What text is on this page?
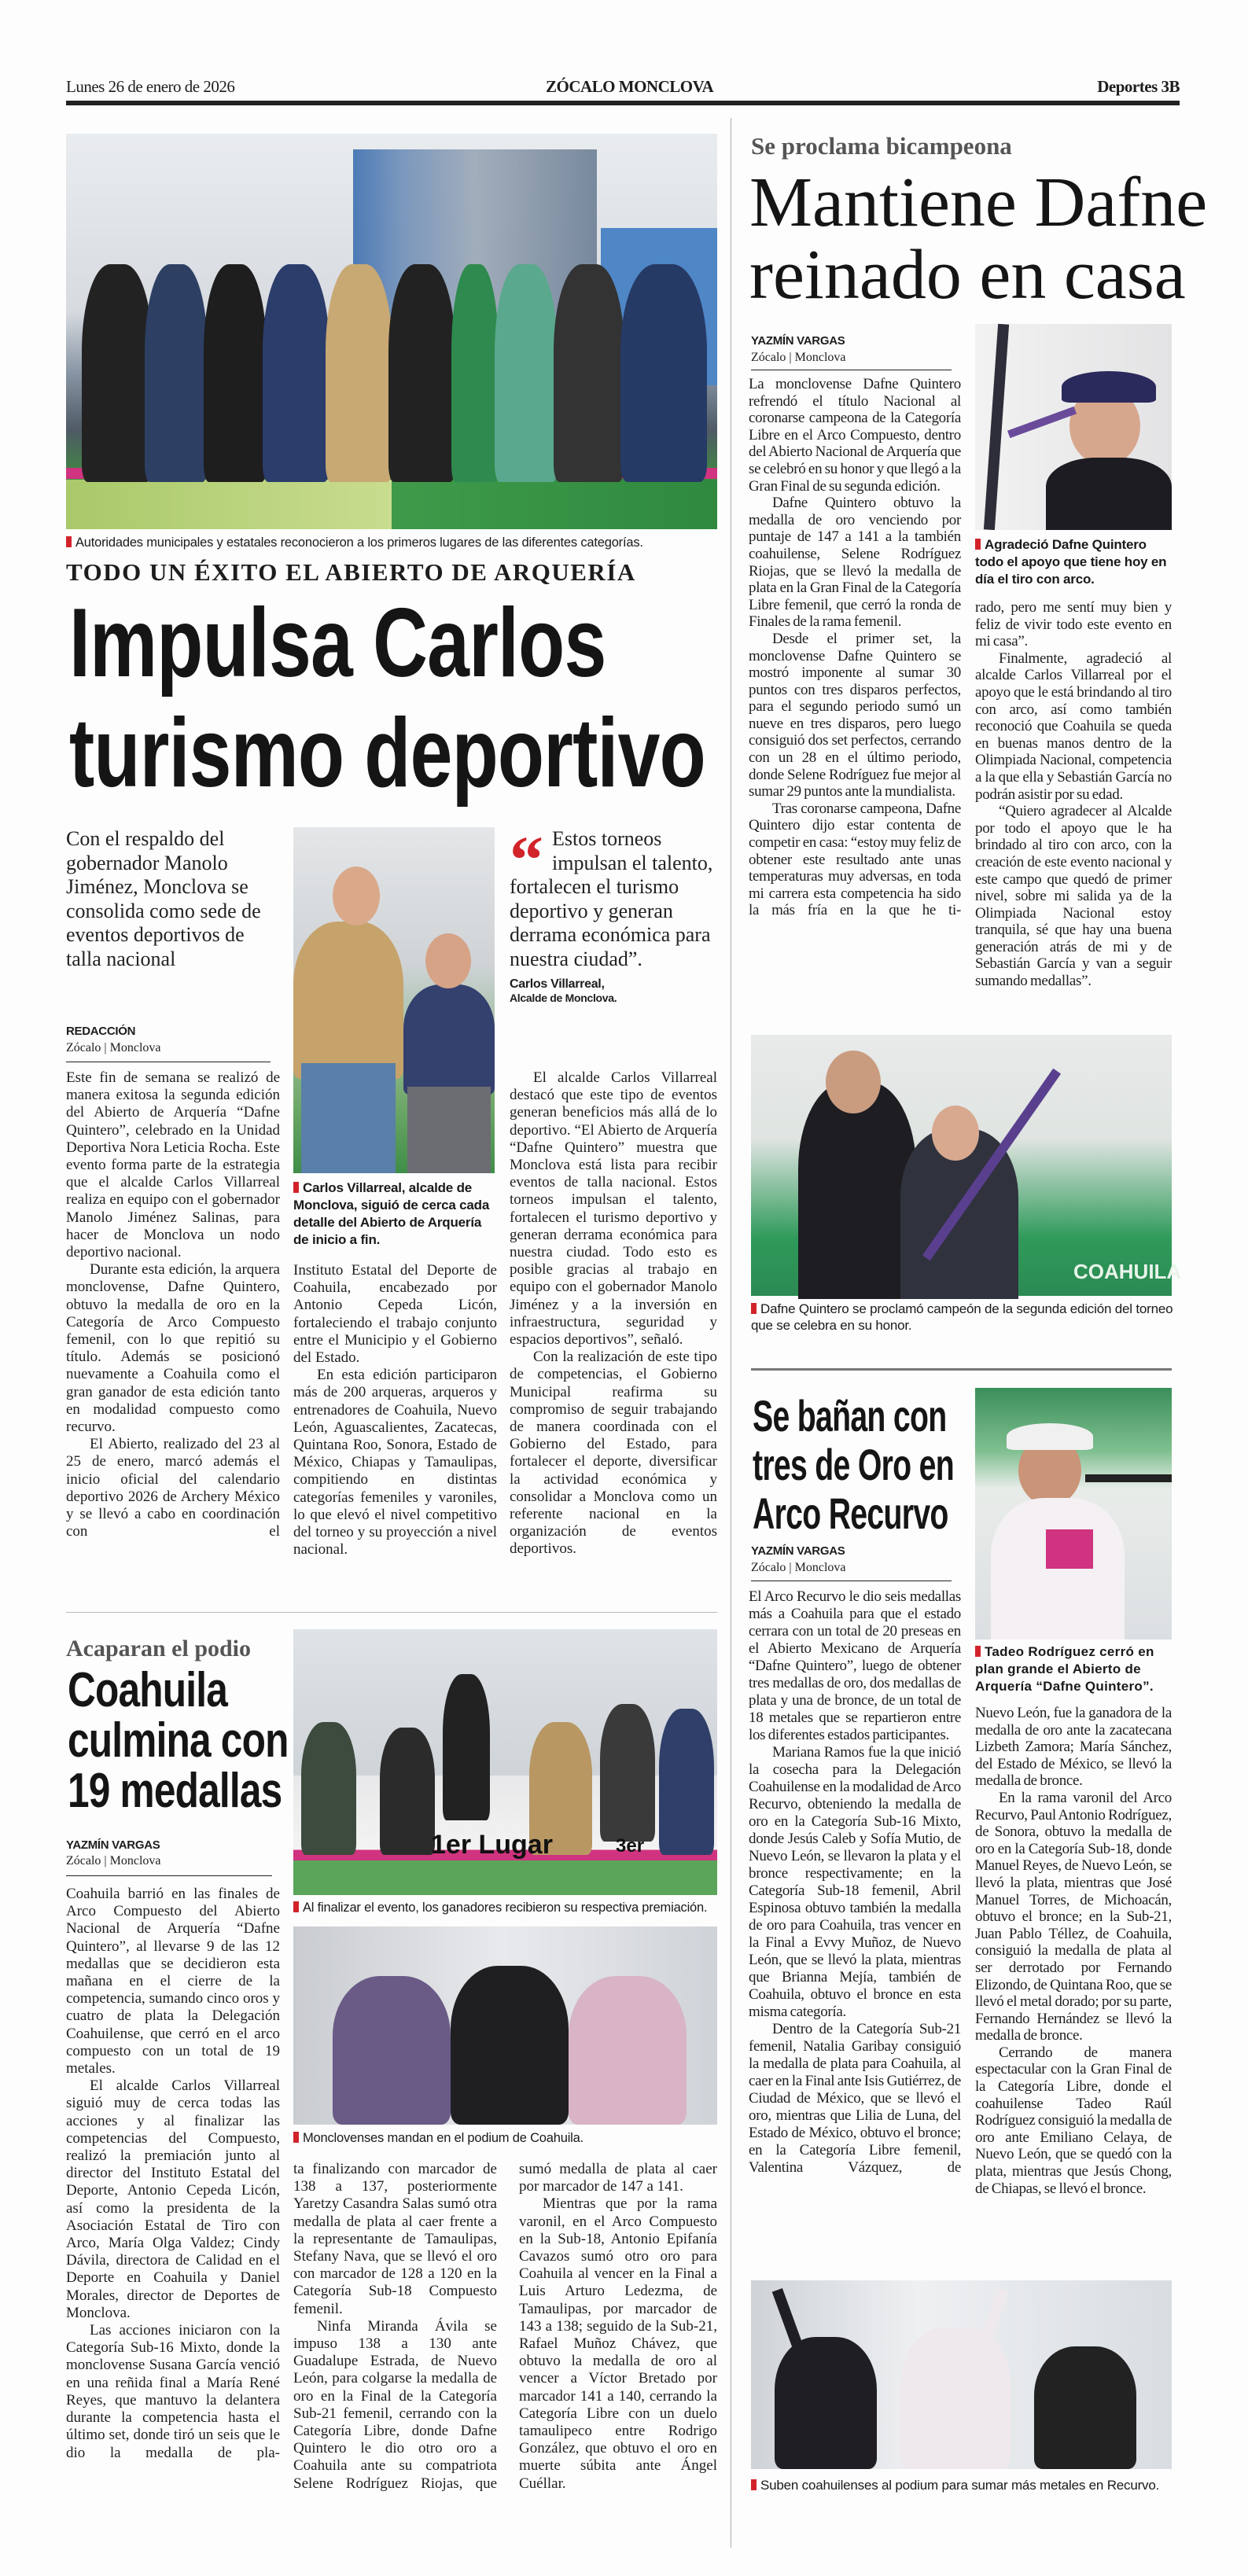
Lunes 26 de enero de 2026	ZÓCALO MONCLOVA	Deportes 3B
Autoridades municipales y estatales reconocieron a los primeros lugares de las diferentes categorías.
TODO UN ÉXITO EL ABIERTO DE ARQUERÍA
Impulsa Carlos
turismo deportivo
Con el respaldo del gobernador Manolo Jiménez, Monclova se consolida como sede de eventos deportivos de talla nacional
REDACCIÓN
Zócalo | Monclova

Este fin de semana se realizó de manera exitosa la segunda edición del Abierto de Arquería “Dafne Quintero”, celebrado en la Unidad Deportiva Nora Leticia Rocha. Este evento forma parte de la estrategia que el alcalde Carlos Villarreal realiza en equipo con el gobernador Manolo Jiménez Salinas, para hacer de Monclova un nodo deportivo nacional.

Durante esta edición, la arquera monclovense, Dafne Quintero, obtuvo la medalla de oro en la Categoría de Arco Compuesto femenil, con lo que repitió su título. Además se posicionó nuevamente a Coahuila como el gran ganador de esta edición tanto en modalidad compuesto como recurvo.

El Abierto, realizado del 23 al 25 de enero, marcó además el inicio oficial del calendario deportivo 2026 de Archery México y se llevó a cabo en coordinación con el

Carlos Villarreal, alcalde de Monclova, siguió de cerca cada detalle del Abierto de Arquería de inicio a fin.

Instituto Estatal del Deporte de Coahuila, encabezado por Antonio Cepeda Licón, fortaleciendo el trabajo conjunto entre el Municipio y el Gobierno del Estado.

En esta edición participaron más de 200 arqueras, arqueros y entrenadores de Coahuila, Nuevo León, Aguascalientes, Zacatecas, Quintana Roo, Sonora, Estado de México, Chiapas y Tamaulipas, compitiendo en distintas categorías femeniles y varoniles, lo que elevó el nivel competitivo del torneo y su proyección a nivel nacional.

“ Estos torneos impulsan el talento, fortalecen el turismo deportivo y generan derrama económica para nuestra ciudad”.
Carlos Villarreal,
Alcalde de Monclova.

El alcalde Carlos Villarreal destacó que este tipo de eventos generan beneficios más allá de lo deportivo. “El Abierto de Arquería “Dafne Quintero” muestra que Monclova está lista para recibir eventos de talla nacional. Estos torneos impulsan el talento, fortalecen el turismo deportivo y generan derrama económica para nuestra ciudad. Todo esto es posible gracias al trabajo en equipo con el gobernador Manolo Jiménez y a la inversión en infraestructura, seguridad y espacios deportivos”, señaló.

Con la realización de este tipo de competencias, el Gobierno Municipal reafirma su compromiso de seguir trabajando de manera coordinada con el Gobierno del Estado, para fortalecer el deporte, diversificar la actividad económica y consolidar a Monclova como un referente nacional en la organización de eventos deportivos.

Acaparan el podio
Coahuila
culmina con
19 medallas
YAZMÍN VARGAS
Zócalo | Monclova

Coahuila barrió en las finales de Arco Compuesto del Abierto Nacional de Arquería “Dafne Quintero”, al llevarse 9 de las 12 medallas que se decidieron esta mañana en el cierre de la competencia, sumando cinco oros y cuatro de plata la Delegación Coahuilense, que cerró en el arco compuesto con un total de 19 metales.

El alcalde Carlos Villarreal siguió muy de cerca todas las acciones y al finalizar las competencias del Compuesto, realizó la premiación junto al director del Instituto Estatal del Deporte, Antonio Cepeda Licón, así como la presidenta de la Asociación Estatal de Tiro con Arco, María Olga Valdez; Cindy Dávila, directora de Calidad en el Deporte en Coahuila y Daniel Morales, director de Deportes de Monclova.

Las acciones iniciaron con la Categoría Sub-16 Mixto, donde la monclovense Susana García venció en una reñida final a María René Reyes, que mantuvo la delantera durante la competencia hasta el último set, donde tiró un seis que le dio la medalla de pla-

1er Lugar	3er
Al finalizar el evento, los ganadores recibieron su respectiva premiación.
Monclovenses mandan en el podium de Coahuila.

ta finalizando con marcador de 138 a 137, posteriormente Yaretzy Casandra Salas sumó otra medalla de plata al caer frente a la representante de Tamaulipas, Stefany Nava, que se llevó el oro con marcador de 128 a 120 en la Categoría Sub-18 Compuesto femenil.

Ninfa Miranda Ávila se impuso 138 a 130 ante Guadalupe Estrada, de Nuevo León, para colgarse la medalla de oro en la Final de la Categoría Sub-21 femenil, cerrando con la Categoría Libre, donde Dafne Quintero le dio otro oro a Coahuila ante su compatriota Selene Rodríguez Riojas, que

sumó medalla de plata al caer por marcador de 147 a 141.

Mientras que por la rama varonil, en el Arco Compuesto en la Sub-18, Antonio Epifanía Cavazos sumó otro oro para Coahuila al vencer en la Final a Luis Arturo Ledezma, de Tamaulipas, por marcador de 143 a 138; seguido de la Sub-21, Rafael Muñoz Chávez, que obtuvo la medalla de oro al vencer a Víctor Bretado por marcador 141 a 140, cerrando la Categoría Libre con un duelo tamaulipeco entre Rodrigo González, que obtuvo el oro en muerte súbita ante Ángel Cuéllar.

Se proclama bicampeona
Mantiene Dafne
reinado en casa
YAZMÍN VARGAS
Zócalo | Monclova

La monclovense Dafne Quintero refrendó el título Nacional al coronarse campeona de la Categoría Libre en el Arco Compuesto, dentro del Abierto Nacional de Arquería que se celebró en su honor y que llegó a la Gran Final de su segunda edición.

Dafne Quintero obtuvo la medalla de oro venciendo por puntaje de 147 a 141 a la también coahuilense, Selene Rodríguez Riojas, que se llevó la medalla de plata en la Gran Final de la Categoría Libre femenil, que cerró la ronda de Finales de la rama femenil.

Desde el primer set, la monclovense Dafne Quintero se mostró imponente al sumar 30 puntos con tres disparos perfectos, para el segundo periodo sumó un nueve en tres disparos, pero luego consiguió dos set perfectos, cerrando con un 28 en el último periodo, donde Selene Rodríguez fue mejor al sumar 29 puntos ante la mundialista.

Tras coronarse campeona, Dafne Quintero dijo estar contenta de competir en casa: “estoy muy feliz de obtener este resultado ante unas temperaturas muy adversas, en toda mi carrera esta competencia ha sido la más fría en la que he ti-

Agradeció Dafne Quintero todo el apoyo que tiene hoy en día el tiro con arco.

rado, pero me sentí muy bien y feliz de vivir todo este evento en mi casa”.

Finalmente, agradeció al alcalde Carlos Villarreal por el apoyo que le está brindando al tiro con arco, así como también reconoció que Coahuila se queda en buenas manos dentro de la Olimpiada Nacional, competencia a la que ella y Sebastián García no podrán asistir por su edad.

“Quiero agradecer al Alcalde por todo el apoyo que le ha brindado al tiro con arco, con la creación de este evento nacional y este campo que quedó de primer nivel, sobre mi salida ya de la Olimpiada Nacional estoy tranquila, sé que hay una buena generación atrás de mi y de Sebastián García y van a seguir sumando medallas”.

COAHUILA
Dafne Quintero se proclamó campeón de la segunda edición del torneo que se celebra en su honor.
Se bañan con
tres de Oro en
Arco Recurvo
YAZMÍN VARGAS
Zócalo | Monclova

El Arco Recurvo le dio seis medallas más a Coahuila para que el estado cerrara con un total de 20 preseas en el Abierto Mexicano de Arquería “Dafne Quintero”, luego de obtener tres medallas de oro, dos medallas de plata y una de bronce, de un total de 18 metales que se repartieron entre los diferentes estados participantes.

Mariana Ramos fue la que inició la cosecha para la Delegación Coahuilense en la modalidad de Arco Recurvo, obteniendo la medalla de oro en la Categoría Sub-16 Mixto, donde Jesús Caleb y Sofía Mutio, de Nuevo León, se llevaron la plata y el bronce respectivamente; en la Categoría Sub-18 femenil, Abril Espinosa obtuvo también la medalla de oro para Coahuila, tras vencer en la Final a Evvy Muñoz, de Nuevo León, que se llevó la plata, mientras que Brianna Mejía, también de Coahuila, obtuvo el bronce en esta misma categoría.

Dentro de la Categoría Sub-21 femenil, Natalia Garibay consiguió la medalla de plata para Coahuila, al caer en la Final ante Isis Gutiérrez, de Ciudad de México, que se llevó el oro, mientras que Lilia de Luna, del Estado de México, obtuvo el bronce; en la Categoría Libre femenil, Valentina Vázquez, de

Tadeo Rodríguez cerró en plan grande el Abierto de Arquería “Dafne Quintero”.

Nuevo León, fue la ganadora de la medalla de oro ante la zacatecana Lizbeth Zamora; María Sánchez, del Estado de México, se llevó la medalla de bronce.

En la rama varonil del Arco Recurvo, Paul Antonio Rodríguez, de Sonora, obtuvo la medalla de oro en la Categoría Sub-18, donde Manuel Reyes, de Nuevo León, se llevó la plata, mientras que José Manuel Torres, de Michoacán, obtuvo el bronce; en la Sub-21, Juan Pablo Téllez, de Coahuila, consiguió la medalla de plata al ser derrotado por Fernando Elizondo, de Quintana Roo, que se llevó el metal dorado; por su parte, Fernando Hernández se llevó la medalla de bronce.

Cerrando de manera espectacular con la Gran Final de la Categoría Libre, donde el coahuilense Tadeo Raúl Rodríguez consiguió la medalla de oro ante Emiliano Celaya, de Nuevo León, que se quedó con la plata, mientras que Jesús Chong, de Chiapas, se llevó el bronce.

Suben coahuilenses al podium para sumar más metales en Recurvo.
